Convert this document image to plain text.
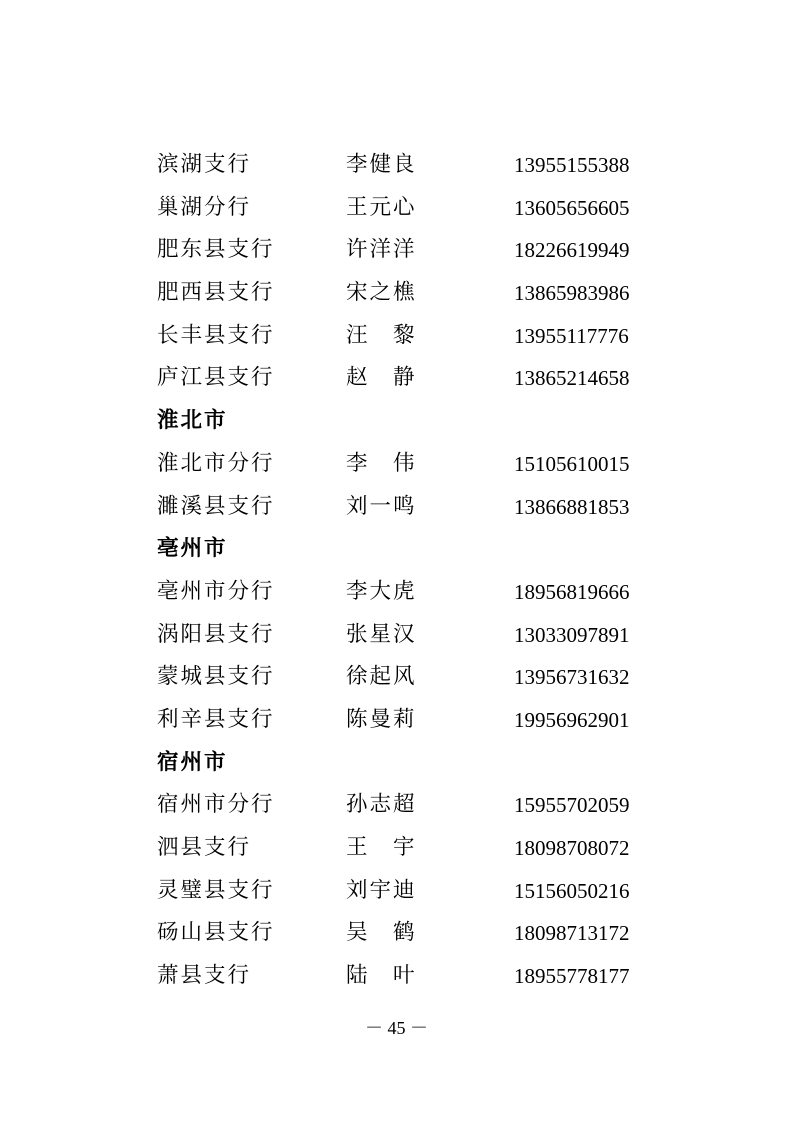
滨湖支行	李健良	13955155388
巢湖分行	王元心	13605656605
肥东县支行	许洋洋	18226619949
肥西县支行	宋之樵	13865983986
长丰县支行	汪　黎	13955117776
庐江县支行	赵　静	13865214658
淮北市
淮北市分行	李　伟	15105610015
濉溪县支行	刘一鸣	13866881853
亳州市
亳州市分行	李大虎	18956819666
涡阳县支行	张星汉	13033097891
蒙城县支行	徐起风	13956731632
利辛县支行	陈曼莉	19956962901
宿州市
宿州市分行	孙志超	15955702059
泗县支行	王　宇	18098708072
灵璧县支行	刘宇迪	15156050216
砀山县支行	吴　鹤	18098713172
萧县支行	陆　叶	18955778177
－ 45 －
